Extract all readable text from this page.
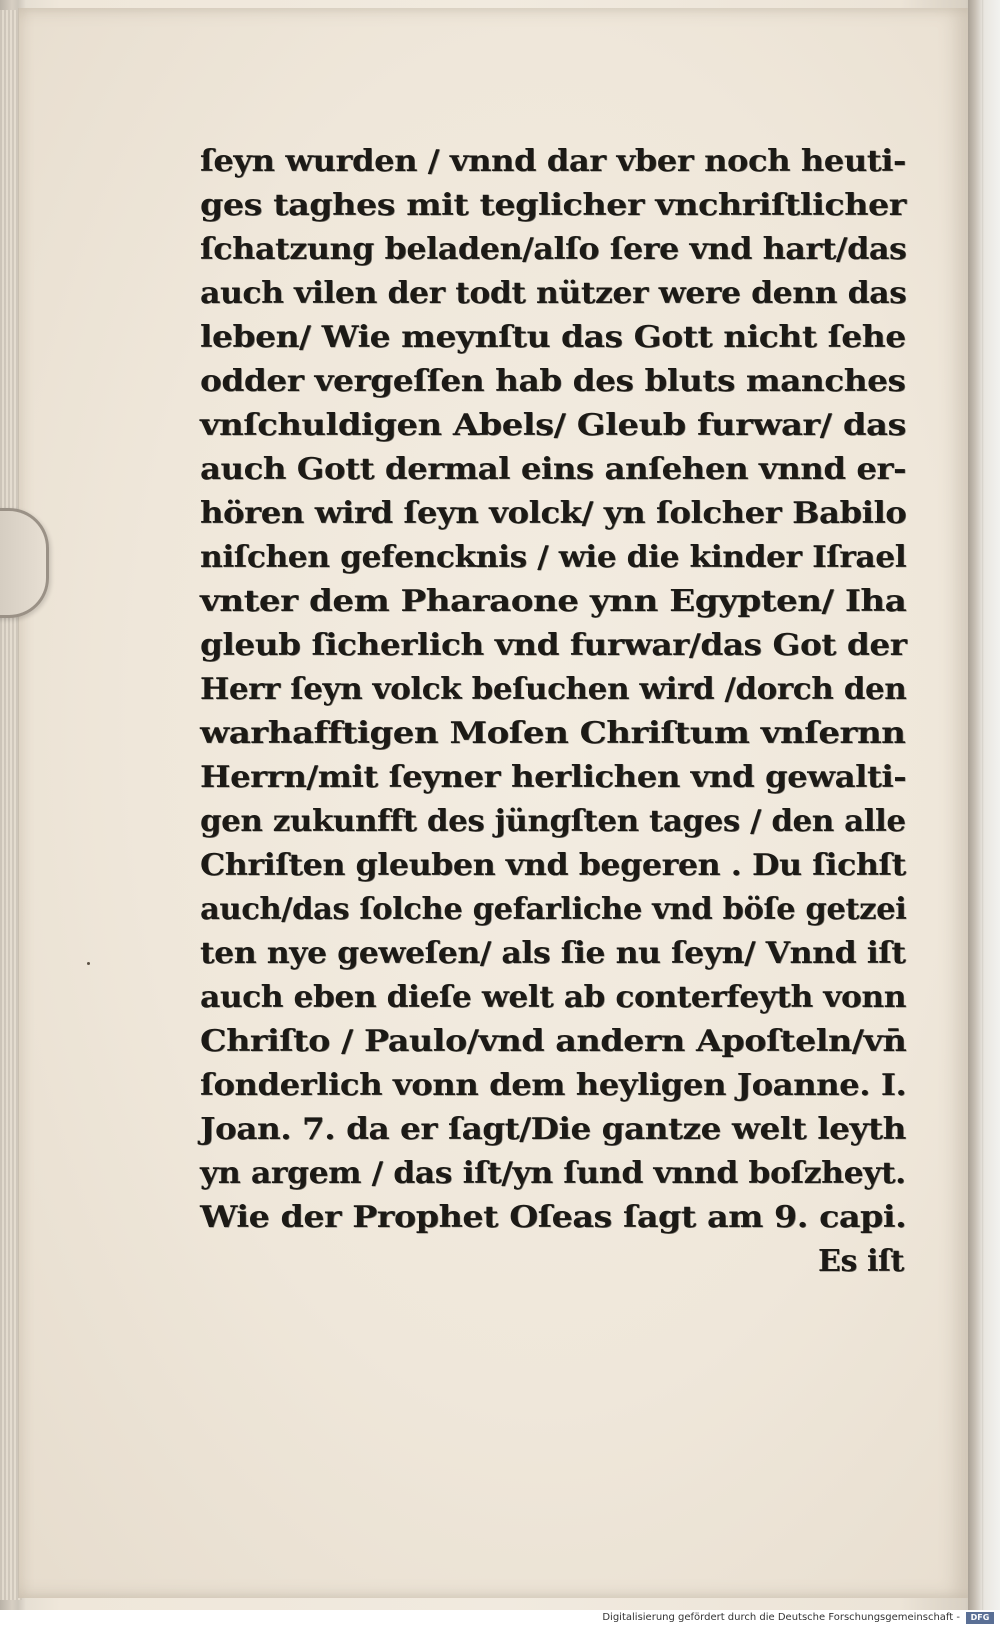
ſeyn wurden / vnnd dar vber noch heuti-
ges taghes mit teglicher vnchriſtlicher
ſchatzung beladen/alſo ſere vnd hart/das
auch vilen der todt nützer were denn das
leben/ Wie meynſtu das Gott nicht ſehe
odder vergeſſen hab des bluts manches
vnſchuldigen Abels/ Gleub furwar/ das
auch Gott dermal eins anſehen vnnd er-
hören wird ſeyn volck/ yn ſolcher Babilo
niſchen gefencknis / wie die kinder Iſrael
vnter dem Pharaone ynn Egypten/ Iha
gleub ſicherlich vnd furwar/das Got der
Herr ſeyn volck beſuchen wird /dorch den
warhafftigen Moſen Chriſtum vnſernn
Herrn/mit ſeyner herlichen vnd gewalti-
gen zukunfft des jüngſten tages / den alle
Chriſten gleuben vnd begeren . Du ſichſt
auch/das ſolche gefarliche vnd böſe getzei
ten nye geweſen/ als ſie nu ſeyn/ Vnnd iſt
auch eben dieſe welt ab conterfeyth vonn
Chriſto / Paulo/vnd andern Apoſteln/vn̄
ſonderlich vonn dem heyligen Joanne. I.
Joan. 7. da er ſagt/Die gantze welt leyth
yn argem / das iſt/yn ſund vnnd boſzheyt.
Wie der Prophet Oſeas ſagt am 9. capi.
Es iſt
Digitalisierung gefördert durch die Deutsche Forschungsgemeinschaft -	DFG
